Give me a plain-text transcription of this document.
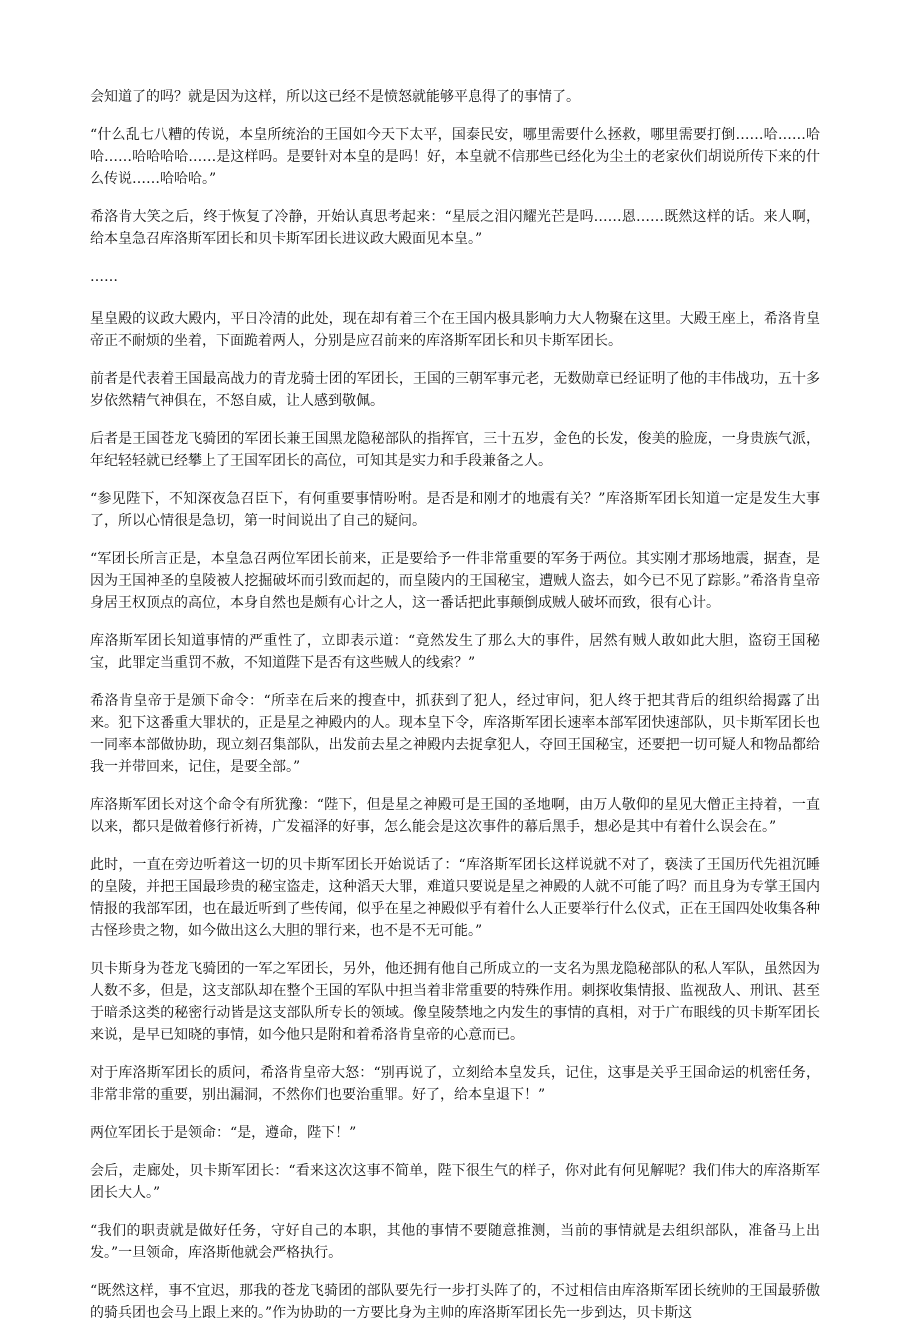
会知道了的吗？就是因为这样，所以这已经不是愤怒就能够平息得了的事情了。

“什么乱七八糟的传说，本皇所统治的王国如今天下太平，国泰民安，哪里需要什么拯救，哪里需要打倒……哈……哈哈……哈哈哈哈……是这样吗。是要针对本皇的是吗！好，本皇就不信那些已经化为尘土的老家伙们胡说所传下来的什么传说……哈哈哈。”

希洛肯大笑之后，终于恢复了冷静，开始认真思考起来：“星辰之泪闪耀光芒是吗……恩……既然这样的话。来人啊，给本皇急召库洛斯军团长和贝卡斯军团长进议政大殿面见本皇。”

……

星皇殿的议政大殿内，平日冷清的此处，现在却有着三个在王国内极具影响力大人物聚在这里。大殿王座上，希洛肯皇帝正不耐烦的坐着，下面跪着两人，分别是应召前来的库洛斯军团长和贝卡斯军团长。

前者是代表着王国最高战力的青龙骑士团的军团长，王国的三朝军事元老，无数勋章已经证明了他的丰伟战功，五十多岁依然精气神俱在，不怒自威，让人感到敬佩。

后者是王国苍龙飞骑团的军团长兼王国黑龙隐秘部队的指挥官，三十五岁，金色的长发，俊美的脸庞，一身贵族气派，年纪轻轻就已经攀上了王国军团长的高位，可知其是实力和手段兼备之人。

“参见陛下，不知深夜急召臣下，有何重要事情吩咐。是否是和刚才的地震有关？”库洛斯军团长知道一定是发生大事了，所以心情很是急切，第一时间说出了自己的疑问。

“军团长所言正是，本皇急召两位军团长前来，正是要给予一件非常重要的军务于两位。其实刚才那场地震，据查，是因为王国神圣的皇陵被人挖掘破坏而引致而起的，而皇陵内的王国秘宝，遭贼人盗去，如今已不见了踪影。”希洛肯皇帝身居王权顶点的高位，本身自然也是颇有心计之人，这一番话把此事颠倒成贼人破坏而致，很有心计。

库洛斯军团长知道事情的严重性了，立即表示道：“竟然发生了那么大的事件，居然有贼人敢如此大胆，盗窃王国秘宝，此罪定当重罚不赦，不知道陛下是否有这些贼人的线索？”

希洛肯皇帝于是颁下命令：“所幸在后来的搜查中，抓获到了犯人，经过审问，犯人终于把其背后的组织给揭露了出来。犯下这番重大罪状的，正是星之神殿内的人。现本皇下令，库洛斯军团长速率本部军团快速部队，贝卡斯军团长也一同率本部做协助，现立刻召集部队，出发前去星之神殿内去捉拿犯人，夺回王国秘宝，还要把一切可疑人和物品都给我一并带回来，记住，是要全部。”

库洛斯军团长对这个命令有所犹豫：“陛下，但是星之神殿可是王国的圣地啊，由万人敬仰的星见大僧正主持着，一直以来，都只是做着修行祈祷，广发福泽的好事，怎么能会是这次事件的幕后黑手，想必是其中有着什么误会在。”

此时，一直在旁边听着这一切的贝卡斯军团长开始说话了：“库洛斯军团长这样说就不对了，亵渎了王国历代先祖沉睡的皇陵，并把王国最珍贵的秘宝盗走，这种滔天大罪，难道只要说是星之神殿的人就不可能了吗？而且身为专掌王国内情报的我部军团，也在最近听到了些传闻，似乎在星之神殿似乎有着什么人正要举行什么仪式，正在王国四处收集各种古怪珍贵之物，如今做出这么大胆的罪行来，也不是不无可能。”

贝卡斯身为苍龙飞骑团的一军之军团长，另外，他还拥有他自己所成立的一支名为黑龙隐秘部队的私人军队，虽然因为人数不多，但是，这支部队却在整个王国的军队中担当着非常重要的特殊作用。刺探收集情报、监视敌人、刑讯、甚至于暗杀这类的秘密行动皆是这支部队所专长的领域。像皇陵禁地之内发生的事情的真相，对于广布眼线的贝卡斯军团长来说，是早已知晓的事情，如今他只是附和着希洛肯皇帝的心意而已。

对于库洛斯军团长的质问，希洛肯皇帝大怒：“别再说了，立刻给本皇发兵，记住，这事是关乎王国命运的机密任务，非常非常的重要，别出漏洞，不然你们也要治重罪。好了，给本皇退下！”

两位军团长于是领命：“是，遵命，陛下！”

会后，走廊处，贝卡斯军团长：“看来这次这事不简单，陛下很生气的样子，你对此有何见解呢？我们伟大的库洛斯军团长大人。”

“我们的职责就是做好任务，守好自己的本职，其他的事情不要随意推测，当前的事情就是去组织部队，准备马上出发。”一旦领命，库洛斯他就会严格执行。

“既然这样，事不宜迟，那我的苍龙飞骑团的部队要先行一步打头阵了的，不过相信由库洛斯军团长统帅的王国最骄傲的骑兵团也会马上跟上来的。”作为协助的一方要比身为主帅的库洛斯军团长先一步到达，贝卡斯这
